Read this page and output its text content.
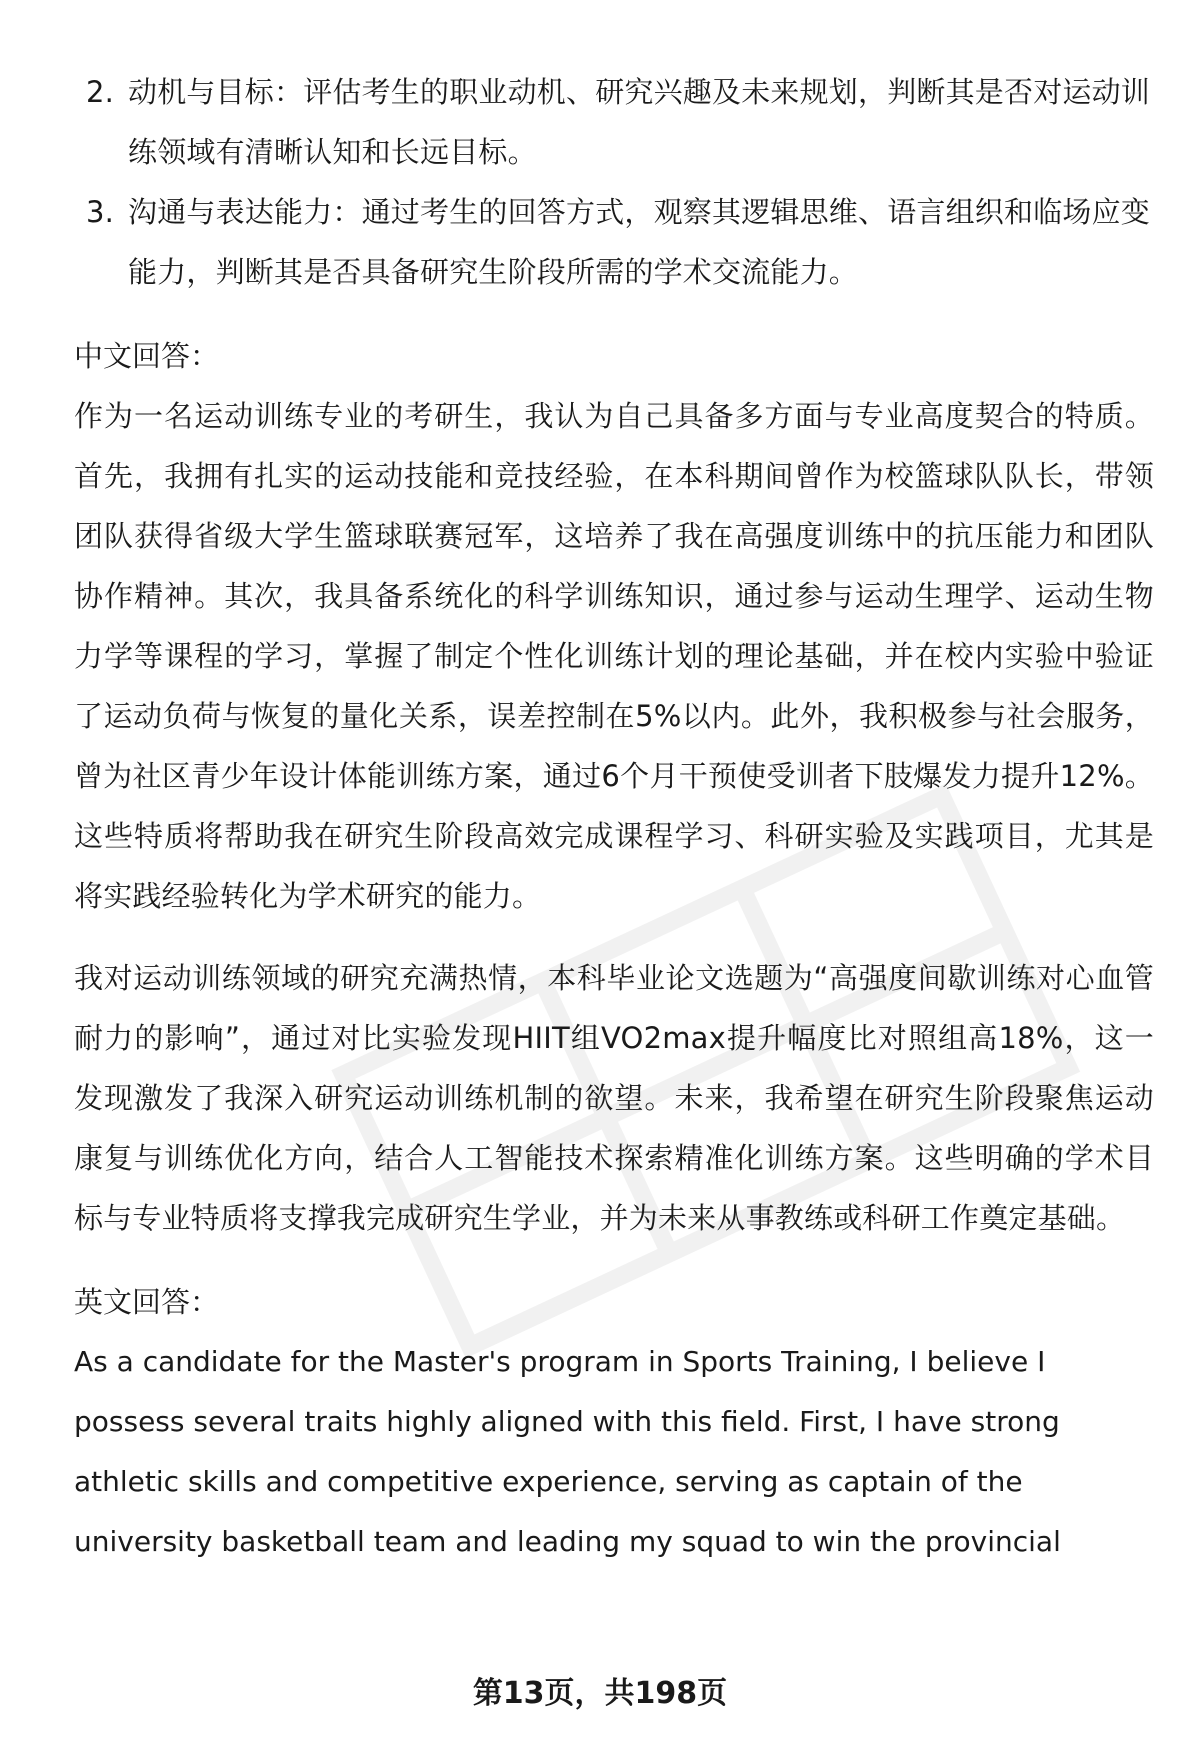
2. 动机与目标：评估考生的职业动机、研究兴趣及未来规划，判断其是否对运动训练领域有清晰认知和长远目标。
3. 沟通与表达能力：通过考生的回答方式，观察其逻辑思维、语言组织和临场应变能力，判断其是否具备研究生阶段所需的学术交流能力。
中文回答：

作为一名运动训练专业的考研生，我认为自己具备多方面与专业高度契合的特质。首先，我拥有扎实的运动技能和竞技经验，在本科期间曾作为校篮球队队长，带领团队获得省级大学生篮球联赛冠军，这培养了我在高强度训练中的抗压能力和团队协作精神。其次，我具备系统化的科学训练知识，通过参与运动生理学、运动生物力学等课程的学习，掌握了制定个性化训练计划的理论基础，并在校内实验中验证了运动负荷与恢复的量化关系，误差控制在5%以内。此外，我积极参与社会服务，曾为社区青少年设计体能训练方案，通过6个月干预使受训者下肢爆发力提升12%。这些特质将帮助我在研究生阶段高效完成课程学习、科研实验及实践项目，尤其是将实践经验转化为学术研究的能力。

我对运动训练领域的研究充满热情，本科毕业论文选题为“高强度间歇训练对心血管耐力的影响”，通过对比实验发现HIIT组VO2max提升幅度比对照组高18%，这一发现激发了我深入研究运动训练机制的欲望。未来，我希望在研究生阶段聚焦运动康复与训练优化方向，结合人工智能技术探索精准化训练方案。这些明确的学术目标与专业特质将支撑我完成研究生学业，并为未来从事教练或科研工作奠定基础。

英文回答：

As a candidate for the Master's program in Sports Training, I believe I possess several traits highly aligned with this field. First, I have strong athletic skills and competitive experience, serving as captain of the university basketball team and leading my squad to win the provincial

第13页，共198页
